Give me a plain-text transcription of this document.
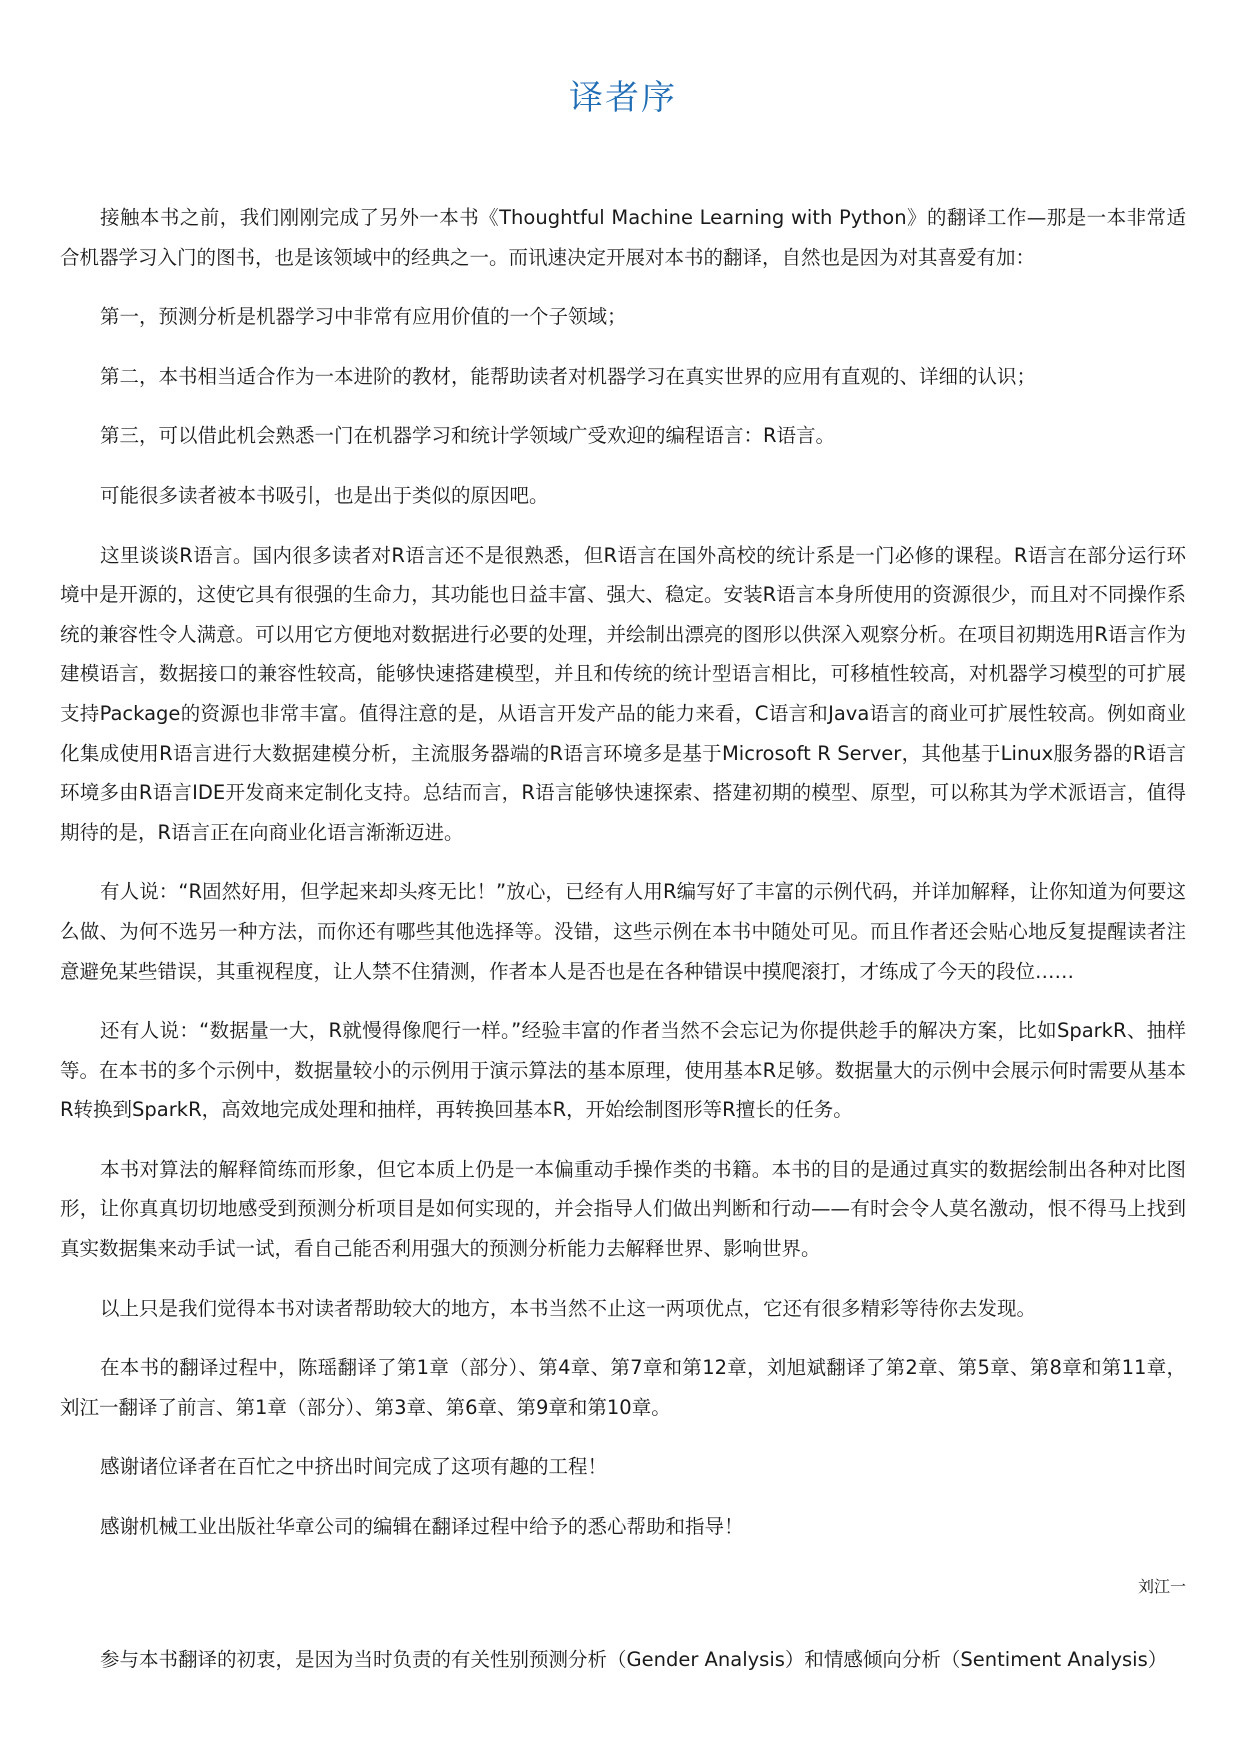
译者序

接触本书之前，我们刚刚完成了另外一本书《Thoughtful Machine Learning with Python》的翻译工作—那是一本非常适合机器学习入门的图书，也是该领域中的经典之一。而讯速决定开展对本书的翻译，自然也是因为对其喜爱有加：

第一，预测分析是机器学习中非常有应用价值的一个子领域；

第二，本书相当适合作为一本进阶的教材，能帮助读者对机器学习在真实世界的应用有直观的、详细的认识；

第三，可以借此机会熟悉一门在机器学习和统计学领域广受欢迎的编程语言：R语言。

可能很多读者被本书吸引，也是出于类似的原因吧。

这里谈谈R语言。国内很多读者对R语言还不是很熟悉，但R语言在国外高校的统计系是一门必修的课程。R语言在部分运行环境中是开源的，这使它具有很强的生命力，其功能也日益丰富、强大、稳定。安装R语言本身所使用的资源很少，而且对不同操作系统的兼容性令人满意。可以用它方便地对数据进行必要的处理，并绘制出漂亮的图形以供深入观察分析。在项目初期选用R语言作为建模语言，数据接口的兼容性较高，能够快速搭建模型，并且和传统的统计型语言相比，可移植性较高，对机器学习模型的可扩展支持Package的资源也非常丰富。值得注意的是，从语言开发产品的能力来看，C语言和Java语言的商业可扩展性较高。例如商业化集成使用R语言进行大数据建模分析，主流服务器端的R语言环境多是基于Microsoft R Server，其他基于Linux服务器的R语言环境多由R语言IDE开发商来定制化支持。总结而言，R语言能够快速探索、搭建初期的模型、原型，可以称其为学术派语言，值得期待的是，R语言正在向商业化语言渐渐迈进。

有人说：“R固然好用，但学起来却头疼无比！”放心，已经有人用R编写好了丰富的示例代码，并详加解释，让你知道为何要这么做、为何不选另一种方法，而你还有哪些其他选择等。没错，这些示例在本书中随处可见。而且作者还会贴心地反复提醒读者注意避免某些错误，其重视程度，让人禁不住猜测，作者本人是否也是在各种错误中摸爬滚打，才练成了今天的段位……

还有人说：“数据量一大，R就慢得像爬行一样。”经验丰富的作者当然不会忘记为你提供趁手的解决方案，比如SparkR、抽样等。在本书的多个示例中，数据量较小的示例用于演示算法的基本原理，使用基本R足够。数据量大的示例中会展示何时需要从基本R转换到SparkR，高效地完成处理和抽样，再转换回基本R，开始绘制图形等R擅长的任务。

本书对算法的解释简练而形象，但它本质上仍是一本偏重动手操作类的书籍。本书的目的是通过真实的数据绘制出各种对比图形，让你真真切切地感受到预测分析项目是如何实现的，并会指导人们做出判断和行动——有时会令人莫名激动，恨不得马上找到真实数据集来动手试一试，看自己能否利用强大的预测分析能力去解释世界、影响世界。

以上只是我们觉得本书对读者帮助较大的地方，本书当然不止这一两项优点，它还有很多精彩等待你去发现。

在本书的翻译过程中，陈瑶翻译了第1章（部分）、第4章、第7章和第12章，刘旭斌翻译了第2章、第5章、第8章和第11章，刘江一翻译了前言、第1章（部分）、第3章、第6章、第9章和第10章。

感谢诸位译者在百忙之中挤出时间完成了这项有趣的工程！

感谢机械工业出版社华章公司的编辑在翻译过程中给予的悉心帮助和指导！

刘江一

参与本书翻译的初衷，是因为当时负责的有关性别预测分析（Gender Analysis）和情感倾向分析（Sentiment Analysis）
